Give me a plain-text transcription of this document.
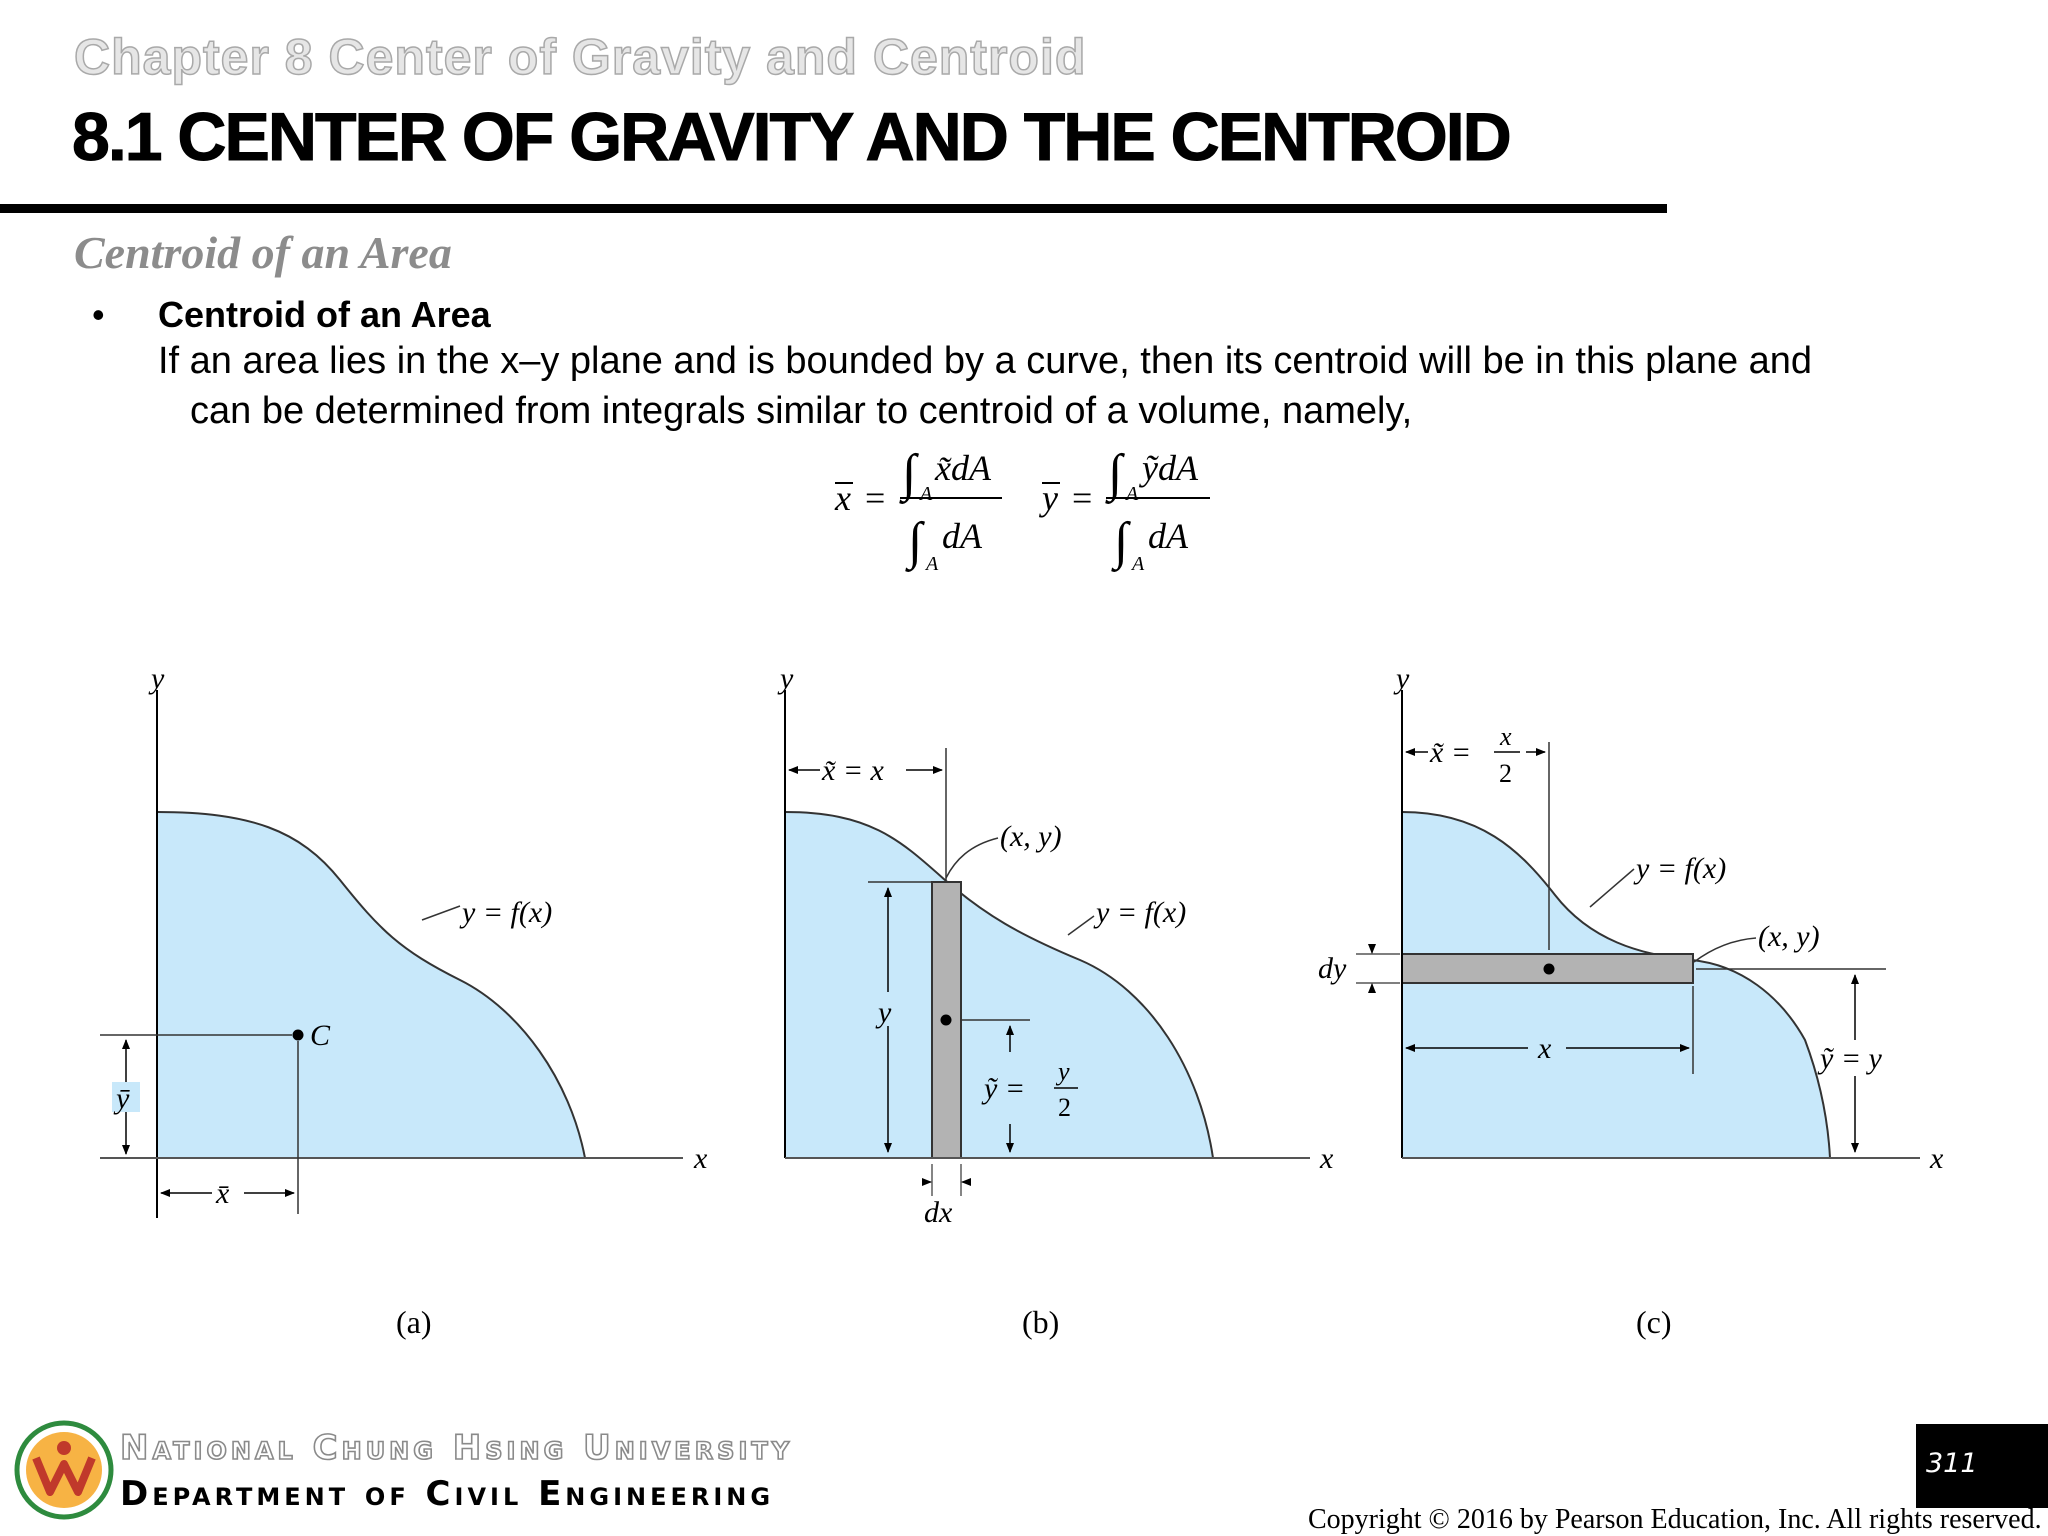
Chapter 8 Center of Gravity and Centroid
8.1 CENTER OF GRAVITY AND THE CENTROID
Centroid of an Area
• Centroid of an Area
If an area lies in the x–y plane and is bounded by a curve, then its centroid will be in this plane and
can be determined from integrals similar to centroid of a volume, namely,
x = ∫ A
x̃dA
∫ A
dA
y = ∫ A
ỹdA
∫ A
dA
y
x
y = f(x)
C
ȳ
x̄
(a)
y
x
x̃ = x
(x, y)
y = f(x)
y
ỹ =
y
2
dx
(b)
y
x
x̃ = x
2
y = f(x)
(x, y)
ỹ = y
dy
x
(c)
National Chung Hsing University
Department of Civil Engineering
311
Copyright © 2016 by Pearson Education, Inc. All rights reserved.
